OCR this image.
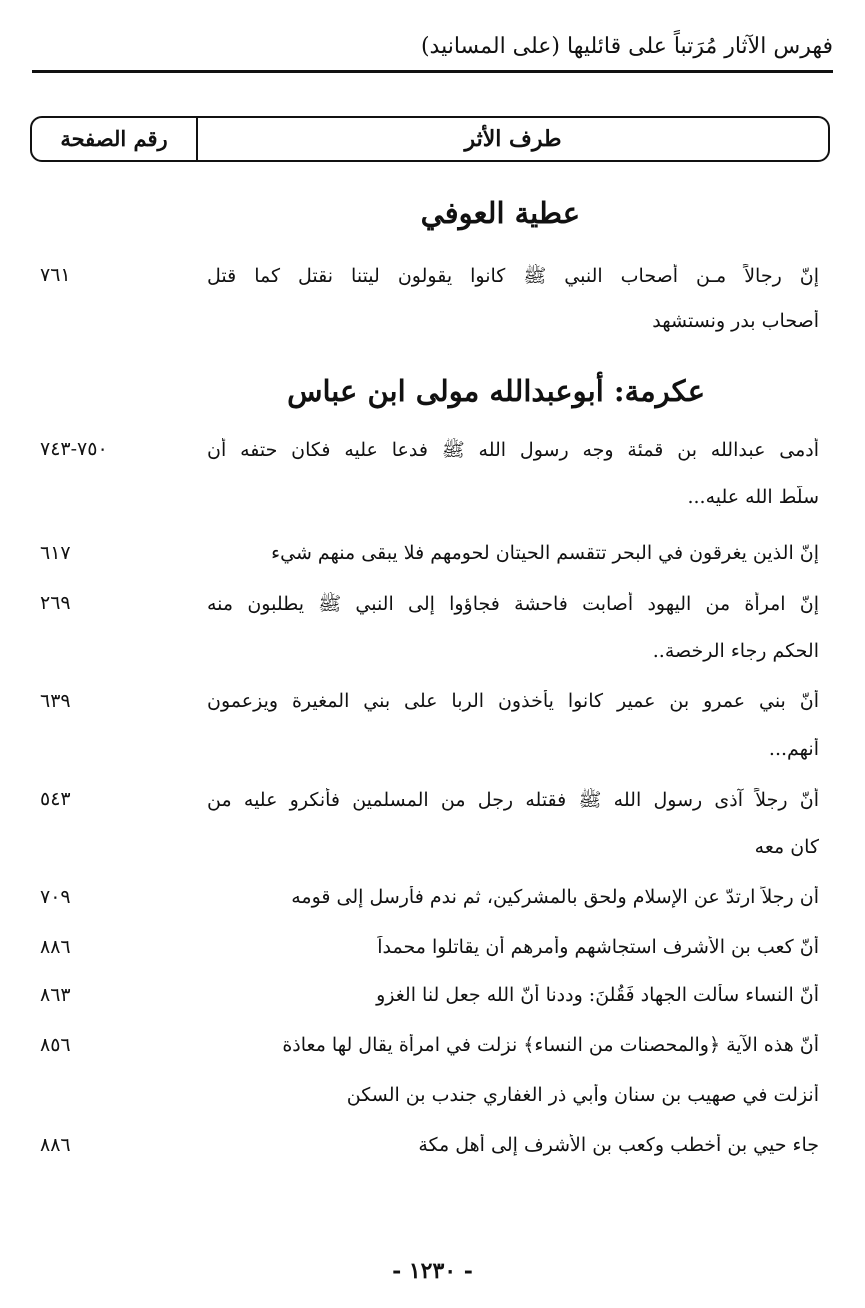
فهرس الآثار مُرَتباً على قائليها (على المسانيد)
طرف الأثر
رقم الصفحة
عطية العوفي
إنّ رجالاً مـن أصحاب النبي ﷺ كانوا يقولون ليتنا نقتل كما قتل
أصحاب بدر ونستشهد
٧٦١
عكرمة: أبوعبدالله مولى ابن عباس
أدمى عبدالله بن قمئة وجه رسول الله ﷺ فدعا عليه فكان حتفه أن
سلّط الله عليه...
٧٥٠-٧٤٣
إنّ الذين يغرقون في البحر تتقسم الحيتان لحومهم فلا يبقى منهم شيء
٦١٧
إنّ امرأة من اليهود أصابت فاحشة فجاؤوا إلى النبي ﷺ يطلبون منه
الحكم رجاء الرخصة..
٢٦٩
أنّ بني عمرو بن عمير كانوا يأخذون الربا على بني المغيرة ويزعمون
أنهم...
٦٣٩
أنّ رجلاً آذى رسول الله ﷺ فقتله رجل من المسلمين فأنكرو عليه من
كان معه
٥٤٣
أن رجلاً ارتدّ عن الإسلام ولحق بالمشركين، ثم ندم فأرسل إلى قومه
٧٠٩
أنّ كعب بن الأشرف استجاشهم وأمرهم أن يقاتلوا محمداً
٨٨٦
أنّ النساء سألت الجهاد فَقُلنَ: وددنا أنّ الله جعل لنا الغزو
٨٦٣
أنّ هذه الآية ﴿والمحصنات من النساء﴾ نزلت في امرأة يقال لها معاذة
٨٥٦
أُنزلت في صهيب بن سنان وأبي ذر الغفاري جندب بن السكن
جاء حيي بن أخطب وكعب بن الأشرف إلى أهل مكة
٨٨٦
- ١٢٣٠ -
